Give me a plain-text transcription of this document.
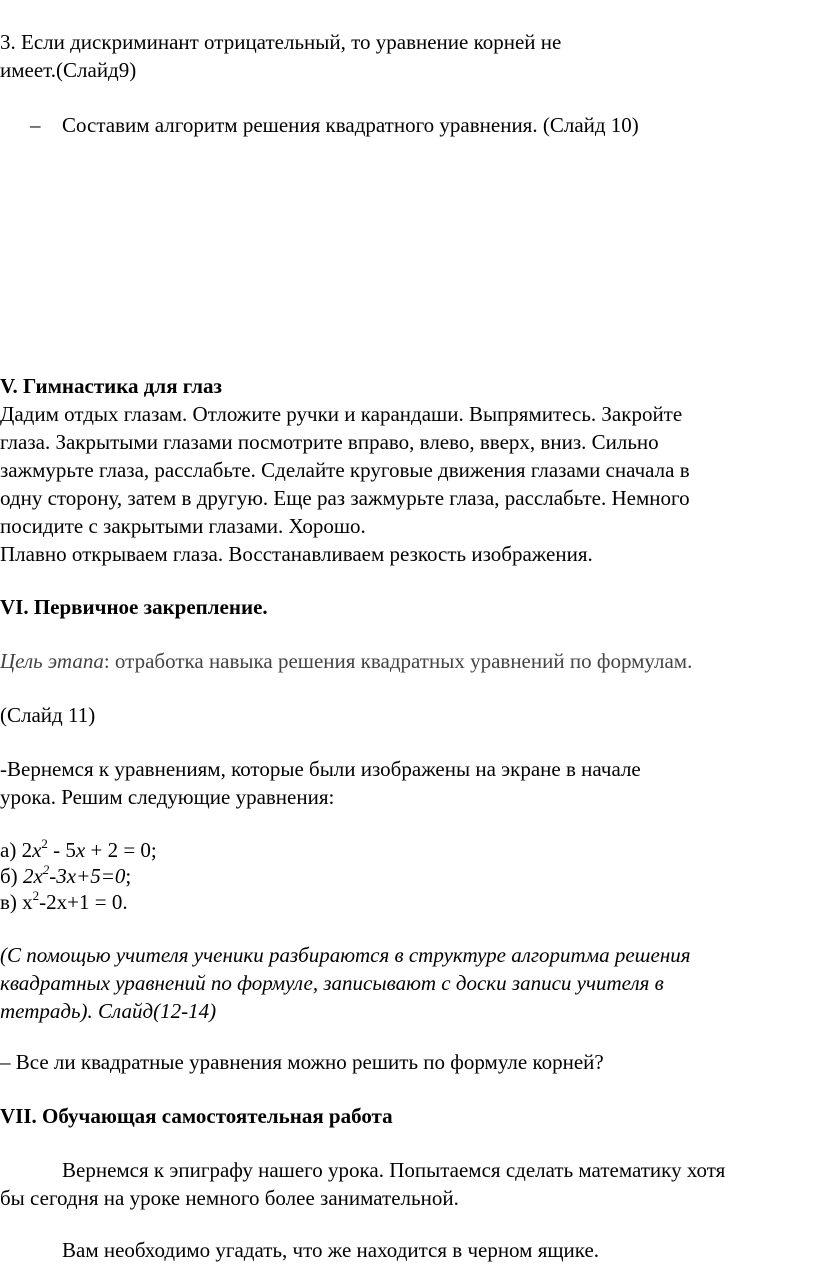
3. Если дискриминант отрицательный, то уравнение корней не

имеет.(Слайд9)

– Составим алгоритм решения квадратного уравнения. (Слайд 10)

V. Гимнастика для глаз

Дадим отдых глазам. Отложите ручки и карандаши. Выпрямитесь. Закройте

глаза. Закрытыми глазами посмотрите вправо, влево, вверх, вниз. Сильно

зажмурьте глаза, расслабьте. Сделайте круговые движения глазами сначала в

одну сторону, затем в другую. Еще раз зажмурьте глаза, расслабьте. Немного

посидите с закрытыми глазами. Хорошо.

Плавно открываем глаза. Восстанавливаем резкость изображения.

VI. Первичное закрепление.

Цель этапа: отработка навыка решения квадратных уравнений по формулам.

(Слайд 11)

-Вернемся к уравнениям, которые были изображены на экране в начале

урока. Решим следующие уравнения:

а) $2x^2 - 5x + 2 = 0$;

б) $2x^2-3x+5=0$;

в) $x^2-2x+1 = 0$.

(С помощью учителя ученики разбираются в структуре алгоритма решения

квадратных уравнений по формуле, записывают с доски записи учителя в

тетрадь). Слайд(12-14)

– Все ли квадратные уравнения можно решить по формуле корней?

VII. Обучающая самостоятельная работа

Вернемся к эпиграфу нашего урока. Попытаемся сделать математику хотя

бы сегодня на уроке немного более занимательной.

Вам необходимо угадать, что же находится в черном ящике.
